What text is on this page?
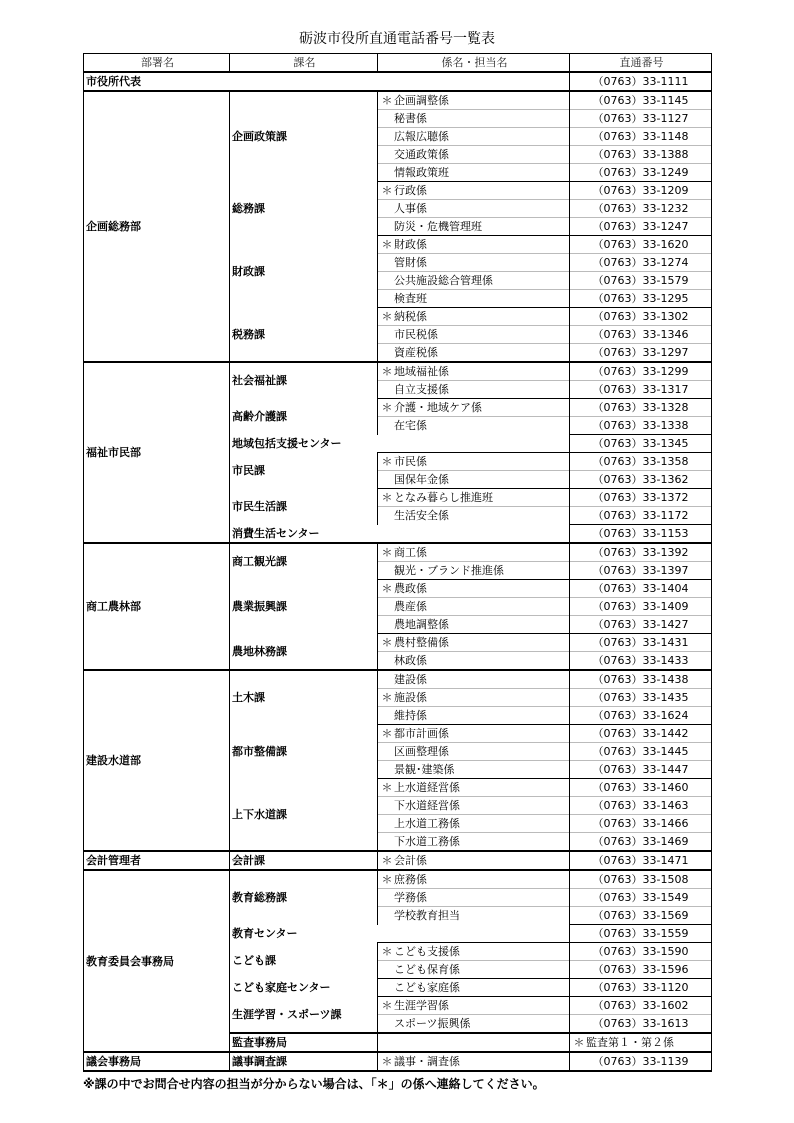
砺波市役所直通電話番号一覧表
部署名	課名	係名・担当名	直通番号	
市役所代表			（0763）33-1111	
企画総務部	企画政策課	＊ 企画調整係	（0763）33-1145	
		秘書係	（0763）33-1127	
		広報広聴係	（0763）33-1148	
		交通政策係	（0763）33-1388	
		情報政策班	（0763）33-1249	
	総務課	＊ 行政係	（0763）33-1209	
		人事係	（0763）33-1232	
		防災・危機管理班	（0763）33-1247	
	財政課	＊ 財政係	（0763）33-1620	
		管財係	（0763）33-1274	
		公共施設総合管理係	（0763）33-1579	
		検査班	（0763）33-1295	
	税務課	＊ 納税係	（0763）33-1302	
		市民税係	（0763）33-1346	
		資産税係	（0763）33-1297	
福祉市民部	社会福祉課	＊ 地域福祉係	（0763）33-1299	
		自立支援係	（0763）33-1317	
	高齢介護課	＊ 介護・地域ケア係	（0763）33-1328	
		在宅係	（0763）33-1338	
	地域包括支援センター		（0763）33-1345	
	市民課	＊ 市民係	（0763）33-1358	
		国保年金係	（0763）33-1362	
	市民生活課	＊ となみ暮らし推進班	（0763）33-1372	
		生活安全係	（0763）33-1172	
	消費生活センター		（0763）33-1153	
商工農林部	商工観光課	＊ 商工係	（0763）33-1392	
		観光・ブランド推進係	（0763）33-1397	
	農業振興課	＊ 農政係	（0763）33-1404	
		農産係	（0763）33-1409	
		農地調整係	（0763）33-1427	
	農地林務課	＊ 農村整備係	（0763）33-1431	
		林政係	（0763）33-1433	
建設水道部	土木課	建設係	（0763）33-1438	
		＊ 施設係	（0763）33-1435	
		維持係	（0763）33-1624	
	都市整備課	＊ 都市計画係	（0763）33-1442	
		区画整理係	（0763）33-1445	
		景観･建築係	（0763）33-1447	
	上下水道課	＊ 上水道経営係	（0763）33-1460	
		下水道経営係	（0763）33-1463	
		上水道工務係	（0763）33-1466	
		下水道工務係	（0763）33-1469	
会計管理者	会計課	＊ 会計係	（0763）33-1471	
教育委員会事務局	教育総務課	＊ 庶務係	（0763）33-1508	
		学務係	（0763）33-1549	
		学校教育担当	（0763）33-1569	
	教育センター		（0763）33-1559	
	こども課	＊ こども支援係	（0763）33-1590	
		こども保育係	（0763）33-1596	
	こども家庭センター	こども家庭係	（0763）33-1120	
	生涯学習・スポーツ課	＊ 生涯学習係	（0763）33-1602	
		スポーツ振興係	（0763）33-1613	
	監査事務局		＊ 監査第１・第２係	
議会事務局	議事調査課	＊ 議事・調査係	（0763）33-1139	

※課の中でお問合せ内容の担当が分からない場合は、「＊」の係へ連絡してください。
